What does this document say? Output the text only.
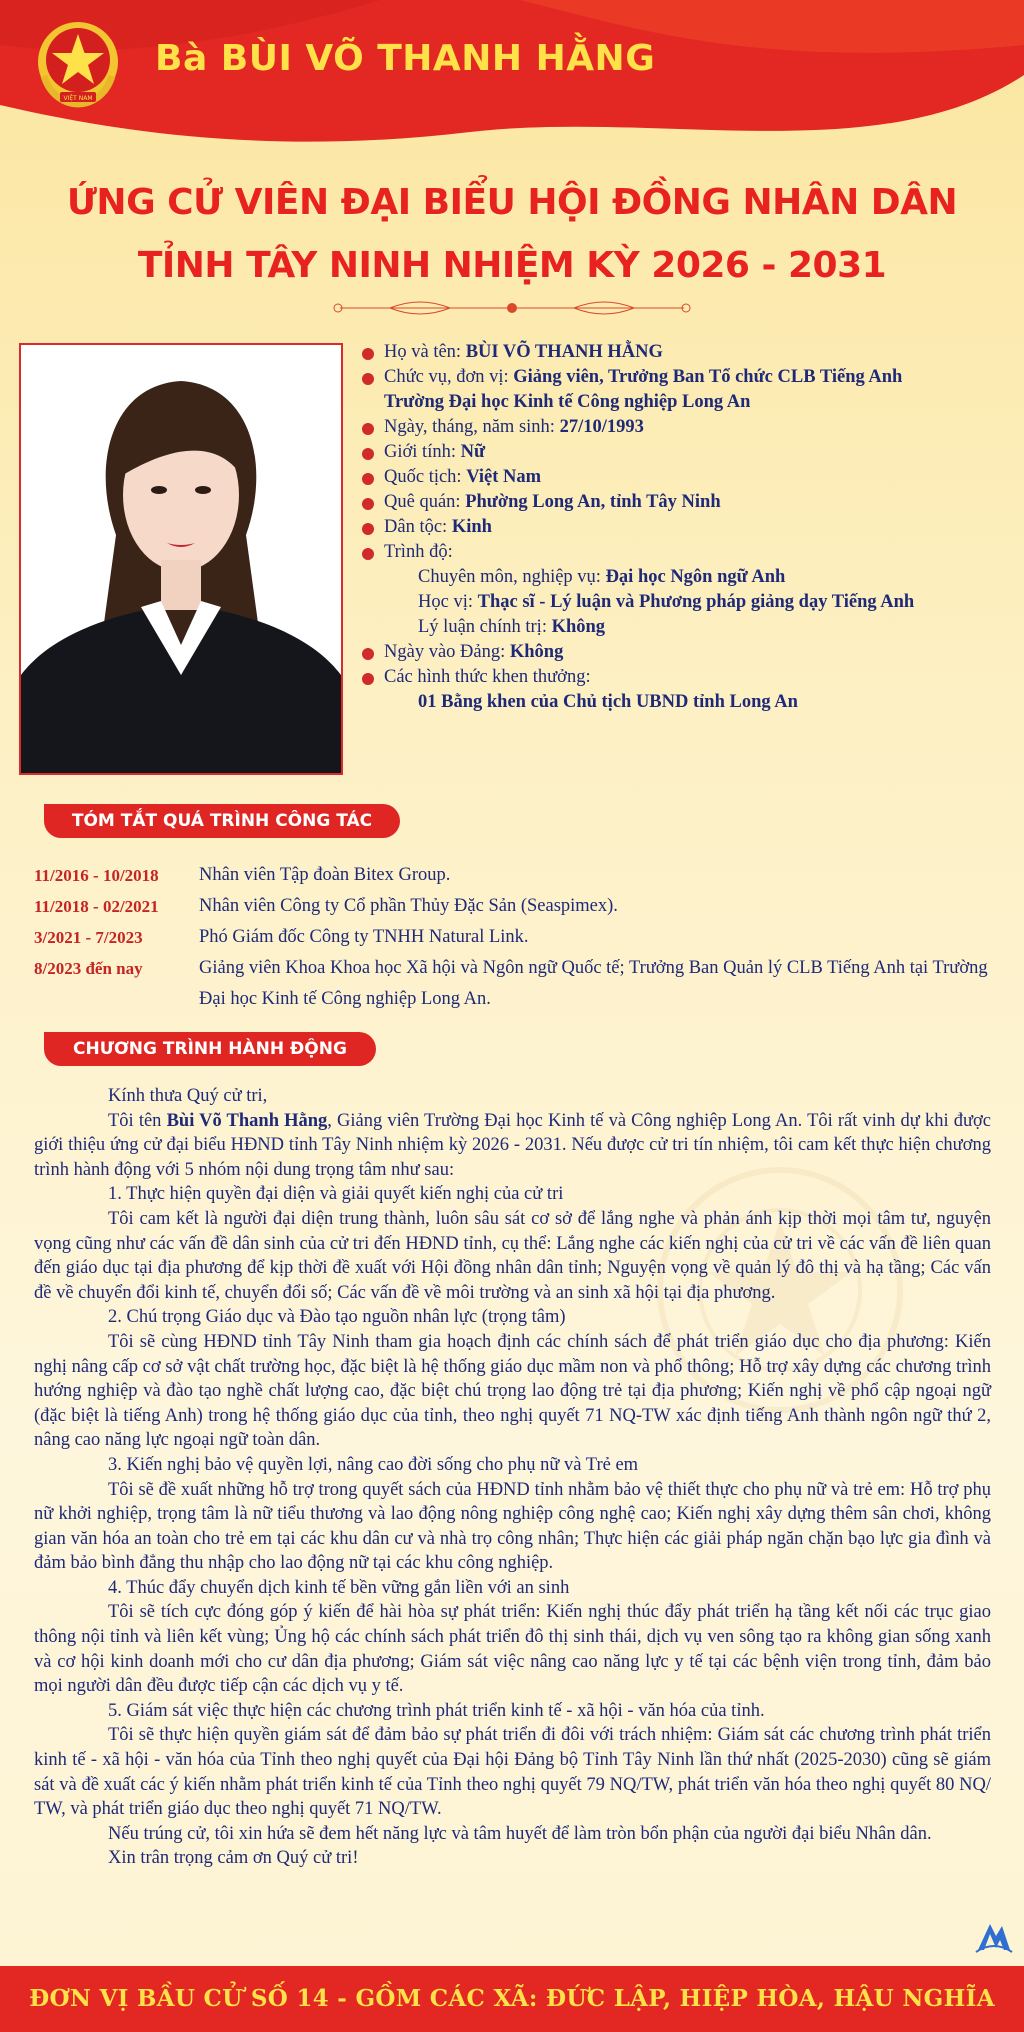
VIỆT NAM
Bà BÙI VÕ THANH HẰNG
ỨNG CỬ VIÊN ĐẠI BIỂU HỘI ĐỒNG NHÂN DÂN
TỈNH TÂY NINH NHIỆM KỲ 2026 - 2031
Họ và tên: BÙI VÕ THANH HẰNG
Chức vụ, đơn vị: Giảng viên, Trưởng Ban Tổ chức CLB Tiếng Anh
Trường Đại học Kinh tế Công nghiệp Long An
Ngày, tháng, năm sinh: 27/10/1993
Giới tính: Nữ
Quốc tịch: Việt Nam
Quê quán: Phường Long An, tỉnh Tây Ninh
Dân tộc: Kinh
Trình độ:
Chuyên môn, nghiệp vụ: Đại học Ngôn ngữ Anh
Học vị: Thạc sĩ - Lý luận và Phương pháp giảng dạy Tiếng Anh
Lý luận chính trị: Không
Ngày vào Đảng: Không
Các hình thức khen thưởng:
01 Bằng khen của Chủ tịch UBND tỉnh Long An
TÓM TẮT QUÁ TRÌNH CÔNG TÁC
11/2016 - 10/2018	Nhân viên Tập đoàn Bitex Group.
11/2018 - 02/2021	Nhân viên Công ty Cổ phần Thủy Đặc Sản (Seaspimex).
3/2021 - 7/2023	Phó Giám đốc Công ty TNHH Natural Link.
8/2023 đến nay	Giảng viên Khoa Khoa học Xã hội và Ngôn ngữ Quốc tế; Trưởng Ban Quản lý CLB Tiếng Anh tại Trường Đại học Kinh tế Công nghiệp Long An.
CHƯƠNG TRÌNH HÀNH ĐỘNG

Kính thưa Quý cử tri,

Tôi tên Bùi Võ Thanh Hằng, Giảng viên Trường Đại học Kinh tế và Công nghiệp Long An. Tôi rất vinh dự khi được giới thiệu ứng cử đại biểu HĐND tỉnh Tây Ninh nhiệm kỳ 2026 - 2031. Nếu được cử tri tín nhiệm, tôi cam kết thực hiện chương trình hành động với 5 nhóm nội dung trọng tâm như sau:

1. Thực hiện quyền đại diện và giải quyết kiến nghị của cử tri

Tôi cam kết là người đại diện trung thành, luôn sâu sát cơ sở để lắng nghe và phản ánh kịp thời mọi tâm tư, nguyện vọng cũng như các vấn đề dân sinh của cử tri đến HĐND tỉnh, cụ thể: Lắng nghe các kiến nghị của cử tri về các vấn đề liên quan đến giáo dục tại địa phương để kịp thời đề xuất với Hội đồng nhân dân tỉnh; Nguyện vọng về quản lý đô thị và hạ tầng; Các vấn đề về chuyển đổi kinh tế, chuyển đổi số; Các vấn đề về môi trường và an sinh xã hội tại địa phương.

2. Chú trọng Giáo dục và Đào tạo nguồn nhân lực (trọng tâm)

Tôi sẽ cùng HĐND tỉnh Tây Ninh tham gia hoạch định các chính sách để phát triển giáo dục cho địa phương: Kiến nghị nâng cấp cơ sở vật chất trường học, đặc biệt là hệ thống giáo dục mầm non và phổ thông; Hỗ trợ xây dựng các chương trình hướng nghiệp và đào tạo nghề chất lượng cao, đặc biệt chú trọng lao động trẻ tại địa phương; Kiến nghị về phổ cập ngoại ngữ (đặc biệt là tiếng Anh) trong hệ thống giáo dục của tỉnh, theo nghị quyết 71 NQ-TW xác định tiếng Anh thành ngôn ngữ thứ 2, nâng cao năng lực ngoại ngữ toàn dân.

3. Kiến nghị bảo vệ quyền lợi, nâng cao đời sống cho phụ nữ và Trẻ em

Tôi sẽ đề xuất những hỗ trợ trong quyết sách của HĐND tỉnh nhằm bảo vệ thiết thực cho phụ nữ và trẻ em: Hỗ trợ phụ nữ khởi nghiệp, trọng tâm là nữ tiểu thương và lao động nông nghiệp công nghệ cao; Kiến nghị xây dựng thêm sân chơi, không gian văn hóa an toàn cho trẻ em tại các khu dân cư và nhà trọ công nhân; Thực hiện các giải pháp ngăn chặn bạo lực gia đình và đảm bảo bình đẳng thu nhập cho lao động nữ tại các khu công nghiệp.

4. Thúc đẩy chuyển dịch kinh tế bền vững gắn liền với an sinh

Tôi sẽ tích cực đóng góp ý kiến để hài hòa sự phát triển: Kiến nghị thúc đẩy phát triển hạ tầng kết nối các trục giao thông nội tỉnh và liên kết vùng; Ủng hộ các chính sách phát triển đô thị sinh thái, dịch vụ ven sông tạo ra không gian sống xanh và cơ hội kinh doanh mới cho cư dân địa phương; Giám sát việc nâng cao năng lực y tế tại các bệnh viện trong tỉnh, đảm bảo mọi người dân đều được tiếp cận các dịch vụ y tế.

5. Giám sát việc thực hiện các chương trình phát triển kinh tế - xã hội - văn hóa của tỉnh.

Tôi sẽ thực hiện quyền giám sát để đảm bảo sự phát triển đi đôi với trách nhiệm: Giám sát các chương trình phát triển kinh tế - xã hội - văn hóa của Tỉnh theo nghị quyết của Đại hội Đảng bộ Tỉnh Tây Ninh lần thứ nhất (2025-2030) cũng sẽ giám sát và đề xuất các ý kiến nhằm phát triển kinh tế của Tỉnh theo nghị quyết 79 NQ/TW, phát triển văn hóa theo nghị quyết 80 NQ/ TW, và phát triển giáo dục theo nghị quyết 71 NQ/TW.

Nếu trúng cử, tôi xin hứa sẽ đem hết năng lực và tâm huyết để làm tròn bổn phận của người đại biểu Nhân dân.

Xin trân trọng cảm ơn Quý cử tri!

ĐƠN VỊ BẦU CỬ SỐ 14 - GỒM CÁC XÃ: ĐỨC LẬP, HIỆP HÒA, HẬU NGHĨA
